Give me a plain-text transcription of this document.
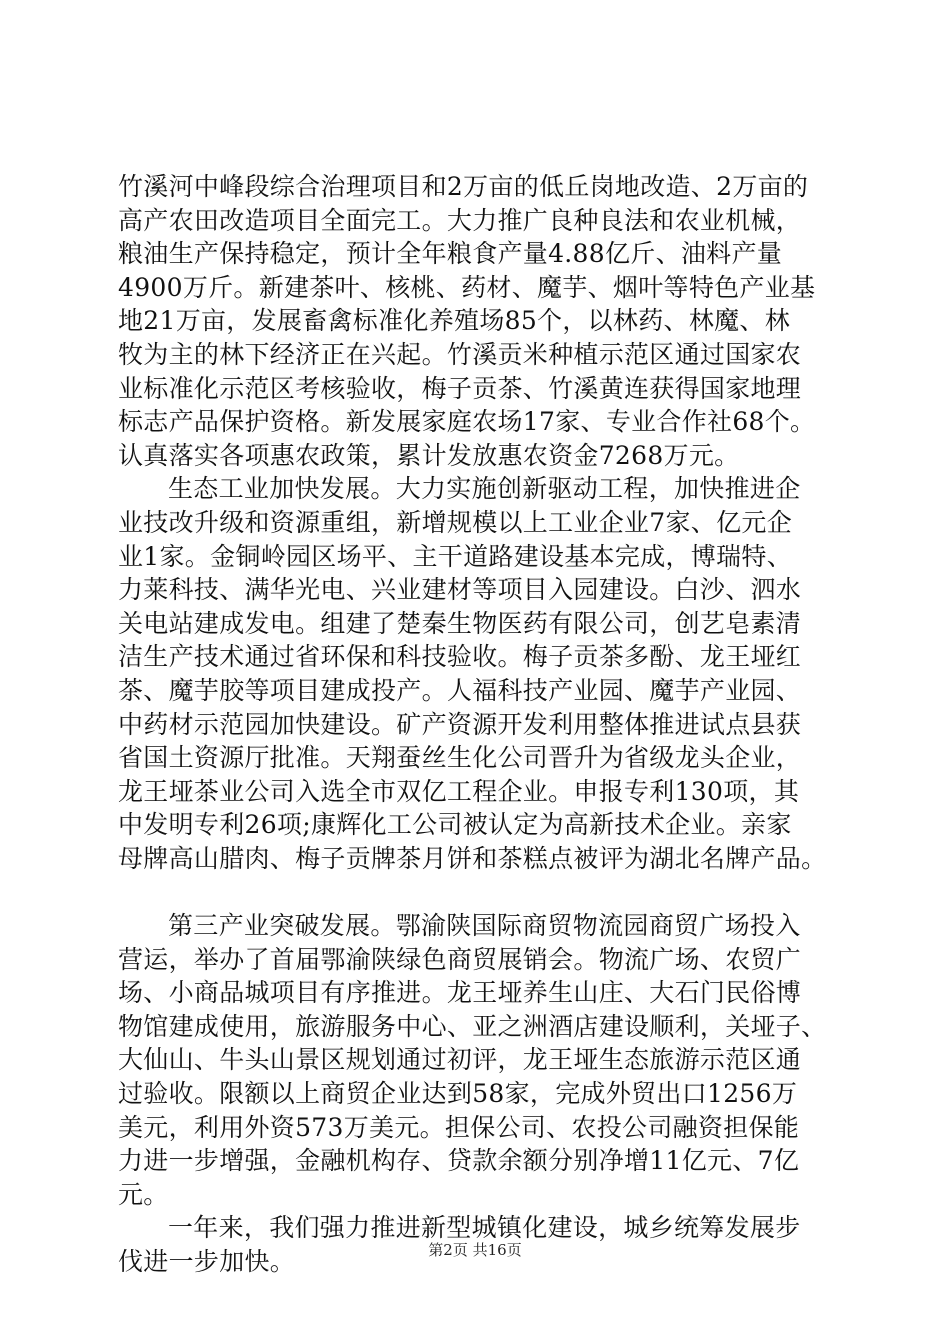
竹溪河中峰段综合治理项目和2万亩的低丘岗地改造、2万亩的
高产农田改造项目全面完工。大力推广良种良法和农业机械，
粮油生产保持稳定，预计全年粮食产量4.88亿斤、油料产量
4900万斤。新建茶叶、核桃、药材、魔芋、烟叶等特色产业基
地21万亩，发展畜禽标准化养殖场85个，以林药、林魔、林
牧为主的林下经济正在兴起。竹溪贡米种植示范区通过国家农
业标准化示范区考核验收，梅子贡茶、竹溪黄连获得国家地理
标志产品保护资格。新发展家庭农场17家、专业合作社68个。
认真落实各项惠农政策，累计发放惠农资金7268万元。
生态工业加快发展。大力实施创新驱动工程，加快推进企
业技改升级和资源重组，新增规模以上工业企业7家、亿元企
业1家。金铜岭园区场平、主干道路建设基本完成，博瑞特、
力莱科技、满华光电、兴业建材等项目入园建设。白沙、泗水
关电站建成发电。组建了楚秦生物医药有限公司，创艺皂素清
洁生产技术通过省环保和科技验收。梅子贡茶多酚、龙王垭红
茶、魔芋胶等项目建成投产。人福科技产业园、魔芋产业园、
中药材示范园加快建设。矿产资源开发利用整体推进试点县获
省国土资源厅批准。天翔蚕丝生化公司晋升为省级龙头企业，
龙王垭茶业公司入选全市双亿工程企业。申报专利130项，其
中发明专利26项;康辉化工公司被认定为高新技术企业。亲家
母牌高山腊肉、梅子贡牌茶月饼和茶糕点被评为湖北名牌产品。
第三产业突破发展。鄂渝陕国际商贸物流园商贸广场投入
营运，举办了首届鄂渝陕绿色商贸展销会。物流广场、农贸广
场、小商品城项目有序推进。龙王垭养生山庄、大石门民俗博
物馆建成使用，旅游服务中心、亚之洲酒店建设顺利，关垭子、
大仙山、牛头山景区规划通过初评，龙王垭生态旅游示范区通
过验收。限额以上商贸企业达到58家，完成外贸出口1256万
美元，利用外资573万美元。担保公司、农投公司融资担保能
力进一步增强，金融机构存、贷款余额分别净增11亿元、7亿
元。
一年来，我们强力推进新型城镇化建设，城乡统筹发展步
伐进一步加快。	第2页 共16页
